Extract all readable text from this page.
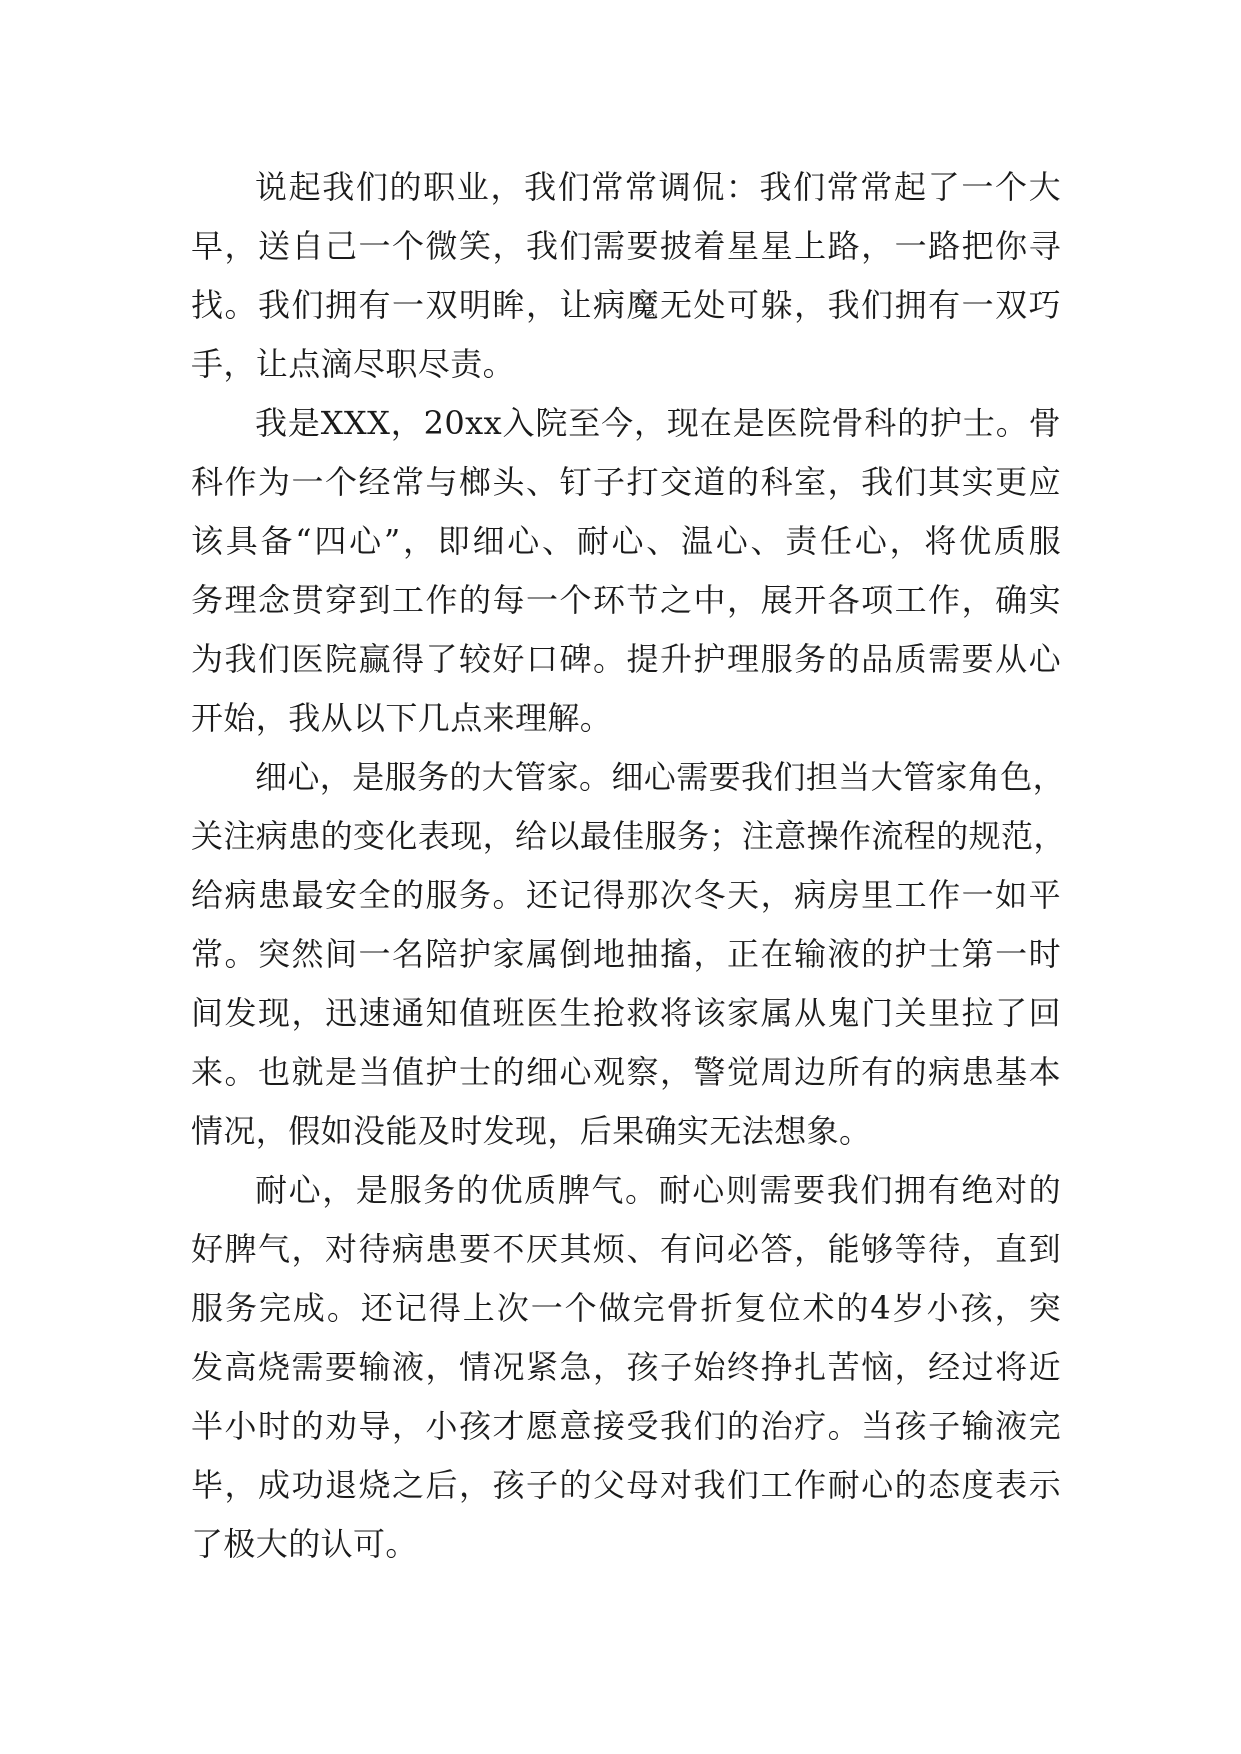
说起我们的职业，我们常常调侃：我们常常起了一个大
早，送自己一个微笑，我们需要披着星星上路，一路把你寻
找。我们拥有一双明眸，让病魔无处可躲，我们拥有一双巧
手，让点滴尽职尽责。
我是XXX，20xx入院至今，现在是医院骨科的护士。骨
科作为一个经常与榔头、钉子打交道的科室，我们其实更应
该具备“四心”，即细心、耐心、温心、责任心，将优质服
务理念贯穿到工作的每一个环节之中，展开各项工作，确实
为我们医院赢得了较好口碑。提升护理服务的品质需要从心
开始，我从以下几点来理解。
细心，是服务的大管家。细心需要我们担当大管家角色，
关注病患的变化表现，给以最佳服务；注意操作流程的规范，
给病患最安全的服务。还记得那次冬天，病房里工作一如平
常。突然间一名陪护家属倒地抽搐，正在输液的护士第一时
间发现，迅速通知值班医生抢救将该家属从鬼门关里拉了回
来。也就是当值护士的细心观察，警觉周边所有的病患基本
情况，假如没能及时发现，后果确实无法想象。
耐心，是服务的优质脾气。耐心则需要我们拥有绝对的
好脾气，对待病患要不厌其烦、有问必答，能够等待，直到
服务完成。还记得上次一个做完骨折复位术的4岁小孩，突
发高烧需要输液，情况紧急，孩子始终挣扎苦恼，经过将近
半小时的劝导，小孩才愿意接受我们的治疗。当孩子输液完
毕，成功退烧之后，孩子的父母对我们工作耐心的态度表示
了极大的认可。
